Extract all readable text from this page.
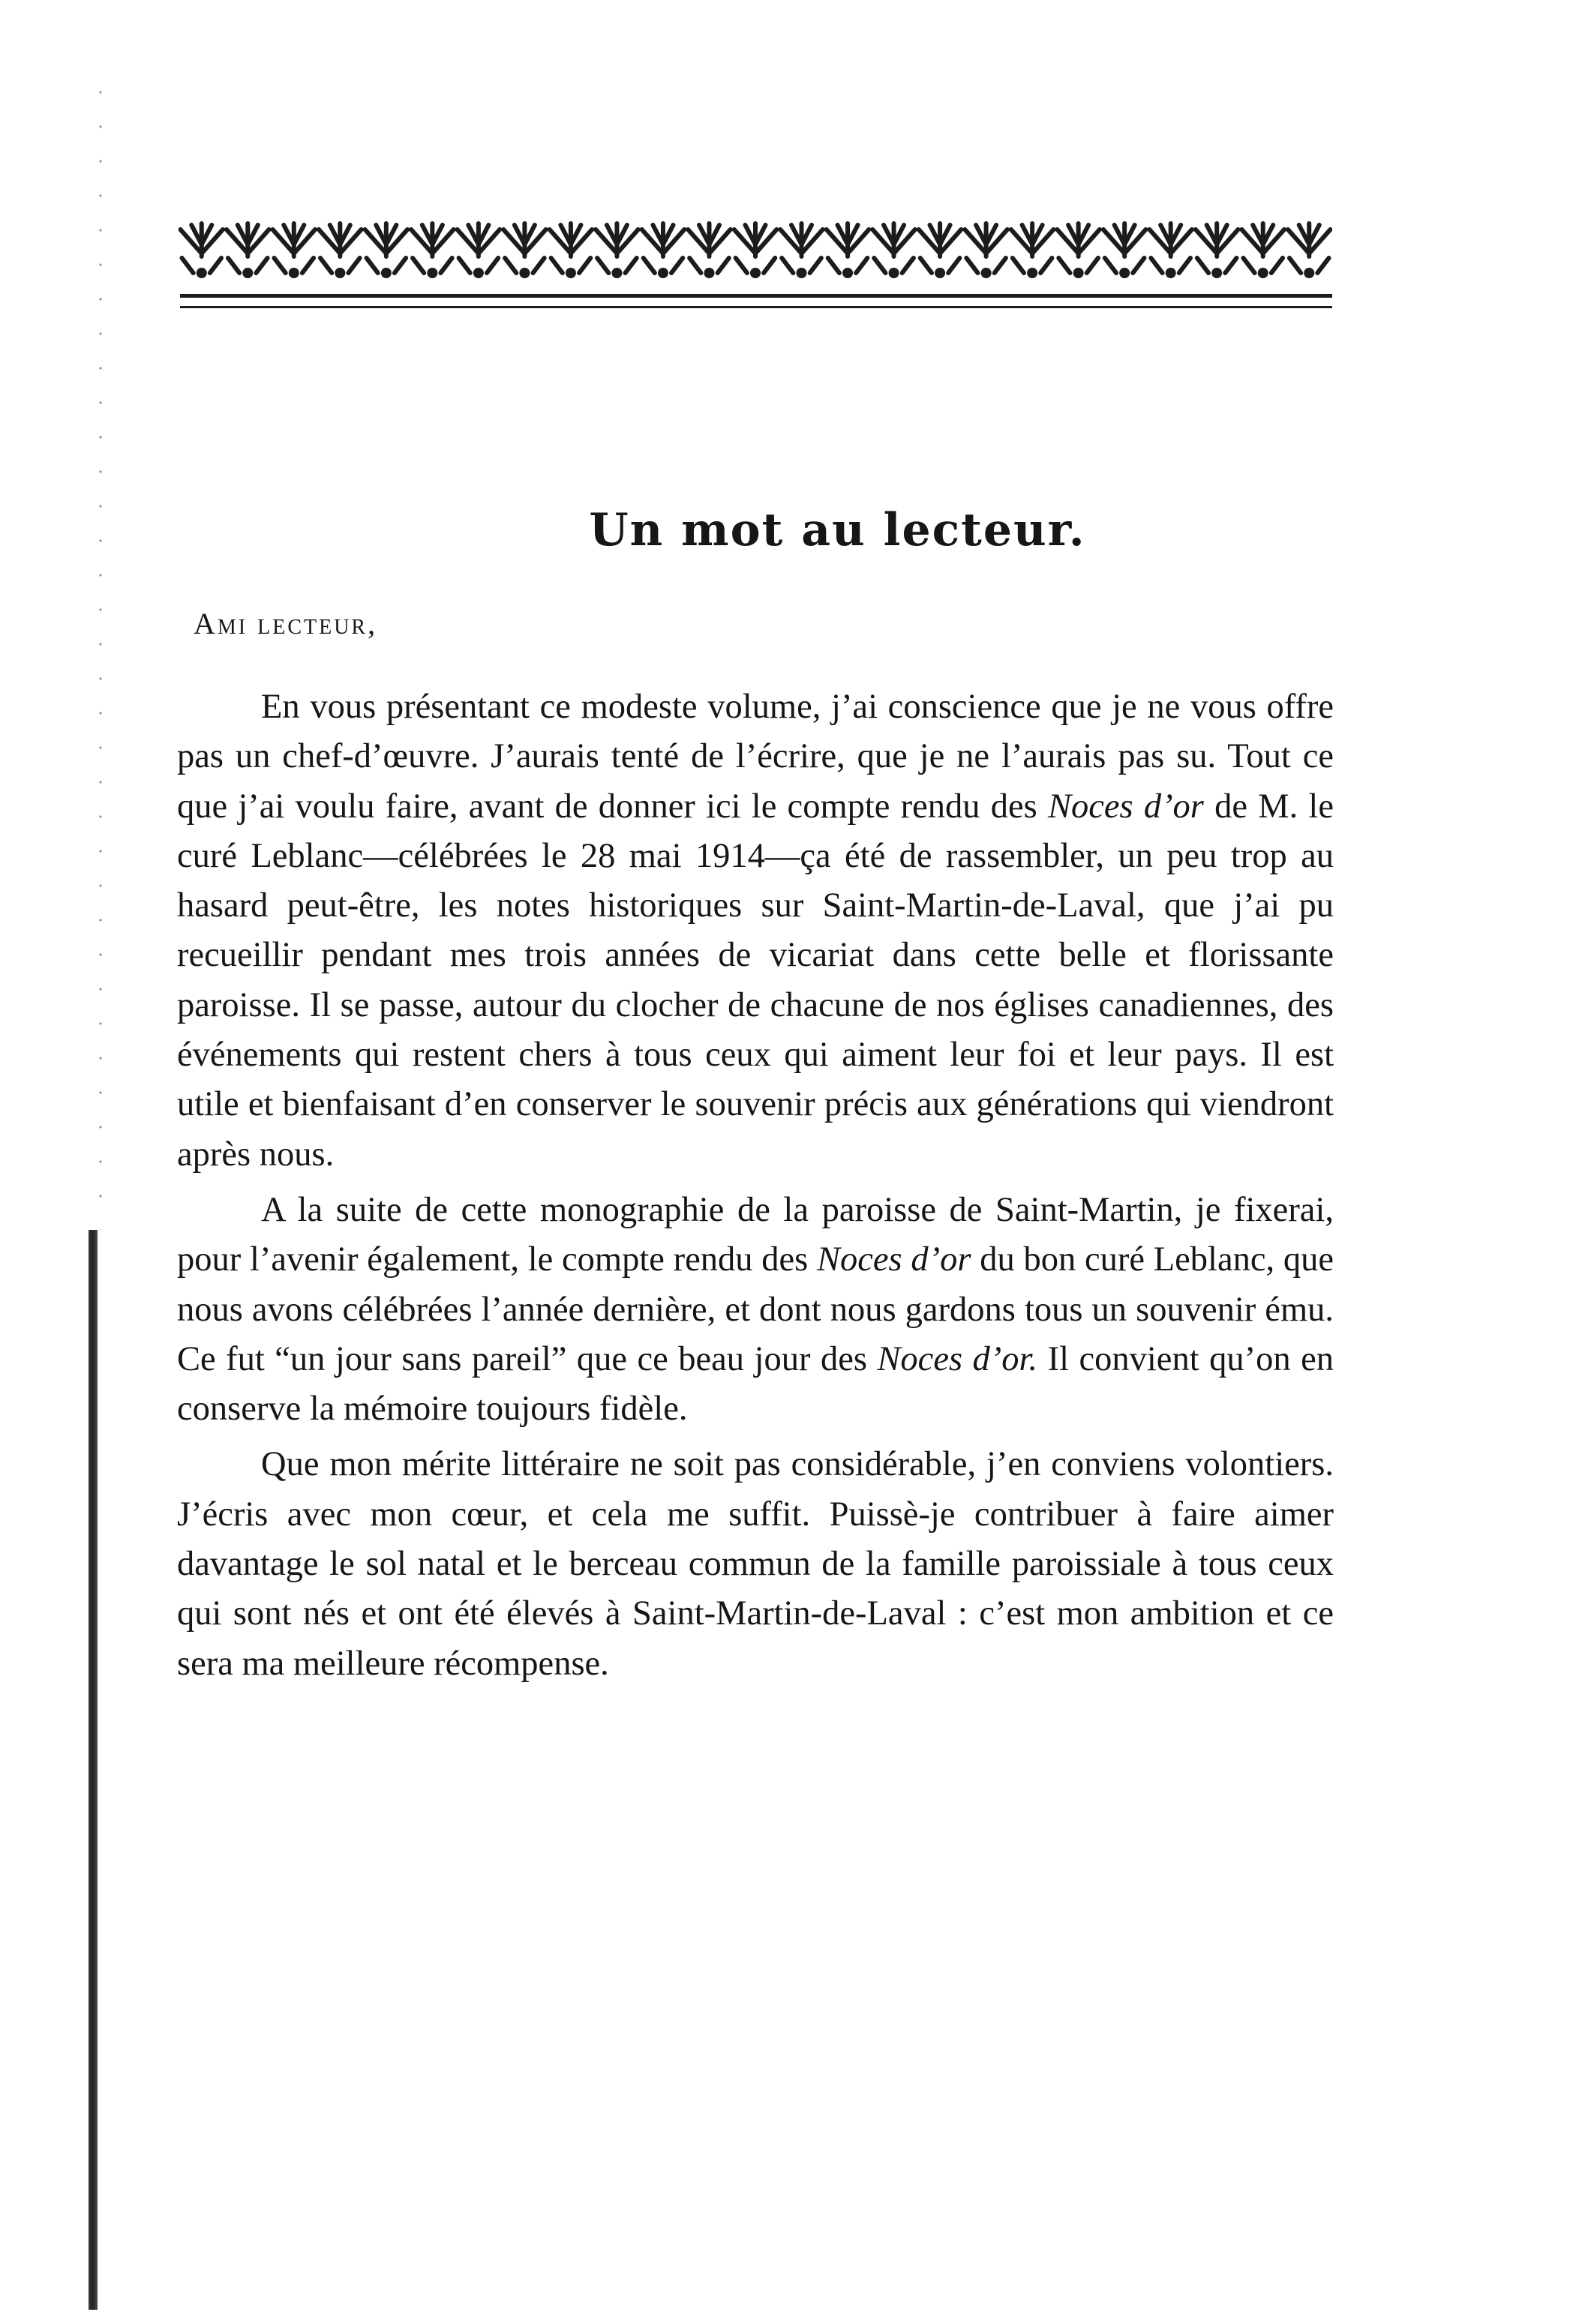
Un mot au lecteur.

Ami lecteur,

En vous présentant ce modeste volume, j’ai conscience que je ne vous offre pas un chef-d’œuvre. J’aurais tenté de l’écrire, que je ne l’aurais pas su. Tout ce que j’ai voulu faire, avant de donner ici le compte rendu des Noces d’or de M. le curé Leblanc—célébrées le 28 mai 1914—ça été de rassembler, un peu trop au hasard peut-être, les notes historiques sur Saint-Martin-de-Laval, que j’ai pu recueillir pendant mes trois années de vicariat dans cette belle et florissante paroisse. Il se passe, autour du clocher de chacune de nos églises canadiennes, des événements qui restent chers à tous ceux qui aiment leur foi et leur pays. Il est utile et bienfaisant d’en conserver le souvenir précis aux générations qui viendront après nous.

A la suite de cette monographie de la paroisse de Saint-Martin, je fixerai, pour l’avenir également, le compte rendu des Noces d’or du bon curé Leblanc, que nous avons célébrées l’année dernière, et dont nous gardons tous un souvenir ému. Ce fut “un jour sans pareil” que ce beau jour des Noces d’or. Il convient qu’on en conserve la mémoire toujours fidèle.

Que mon mérite littéraire ne soit pas considérable, j’en conviens volontiers. J’écris avec mon cœur, et cela me suffit. Puissè-je contribuer à faire aimer davantage le sol natal et le berceau commun de la famille paroissiale à tous ceux qui sont nés et ont été élevés à Saint-Martin-de-Laval : c’est mon ambition et ce sera ma meilleure récompense.
